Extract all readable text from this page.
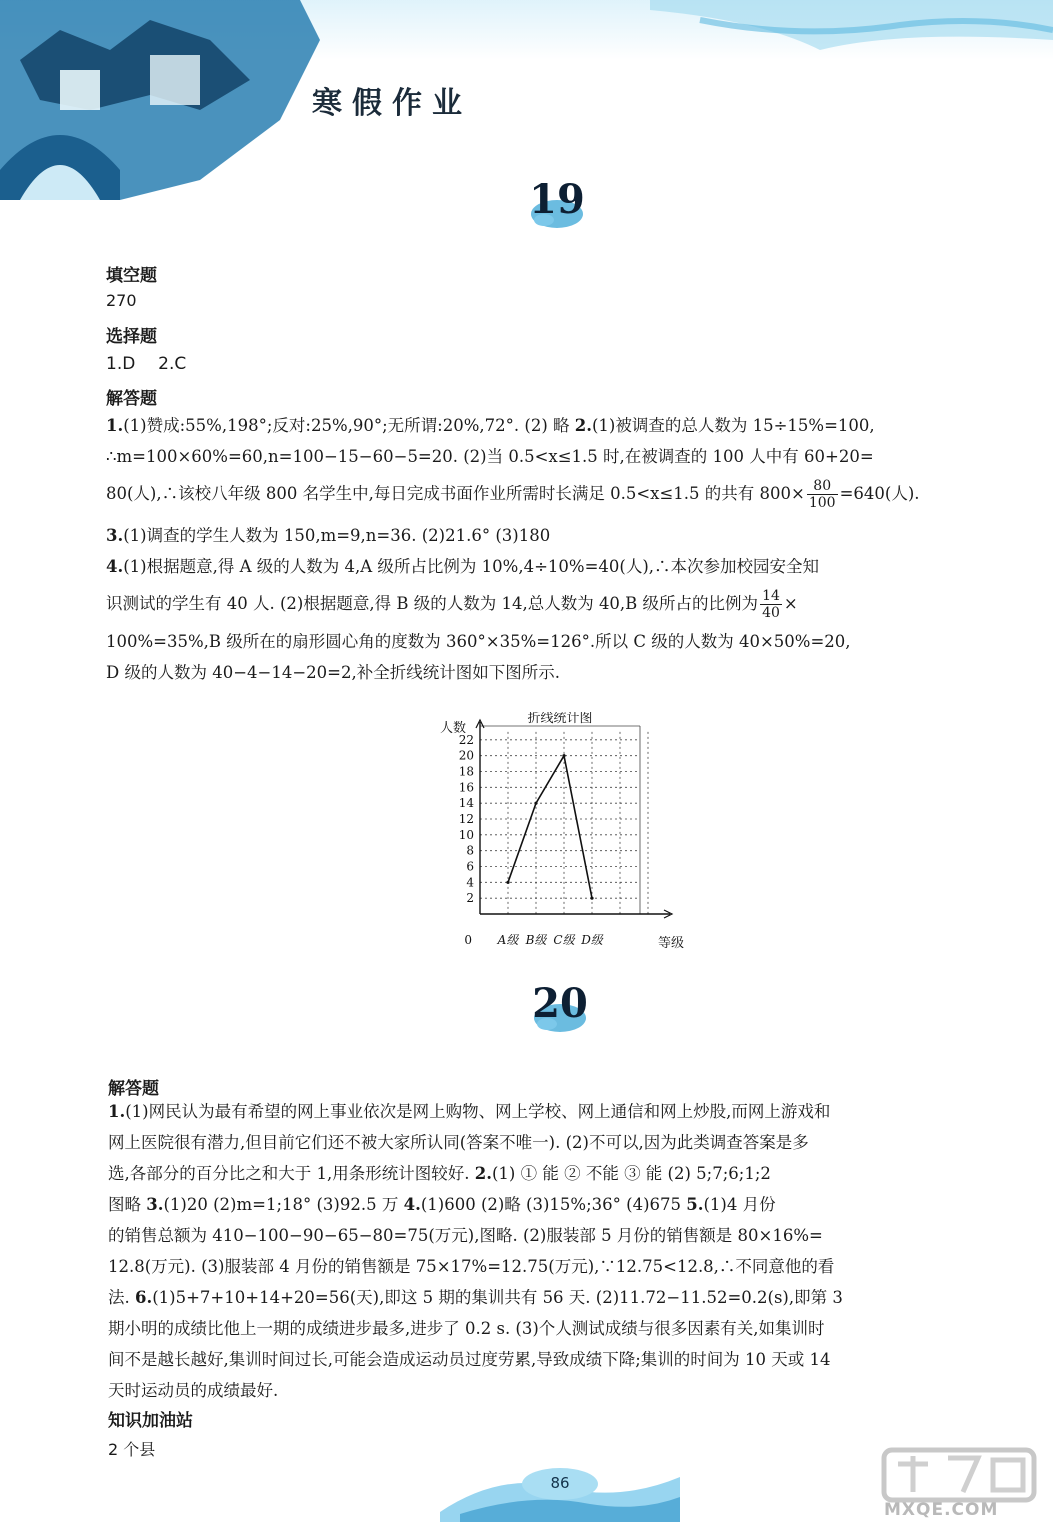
寒假作业
19
填空题
270
选择题
1.D 2.C
解答题

1.(1)赞成:55%,198°;反对:25%,90°;无所谓:20%,72°. (2) 略 2.(1)被调查的总人数为 15÷15%=100,

∴m=100×60%=60,n=100−15−60−5=20. (2)当 0.5<x≤1.5 时,在被调查的 100 人中有 60+20=

80(人),∴该校八年级 800 名学生中,每日完成书面作业所需时长满足 0.5<x≤1.5 的共有 $800\times \frac{80}{100} =640$(人).

3.(1)调查的学生人数为 150,m=9,n=36. (2)21.6° (3)180

4.(1)根据题意,得 A 级的人数为 4,A 级所占比例为 10%,4÷10%=40(人),∴本次参加校园安全知

识测试的学生有 40 人. (2)根据题意,得 B 级的人数为 14,总人数为 40,B 级所占的比例为 $\frac{14}{40}$ ×

100%=35%,B 级所在的扇形圆心角的度数为 360°×35%=126°.所以 C 级的人数为 40×50%=20,

D 级的人数为 40−4−14−20=2,补全折线统计图如下图所示.

2
4
6
8
10
12
14
16
18
20
22
0
人数
折线统计图
等级
A级 B级 C级 D级
20
解答题

1.(1)网民认为最有希望的网上事业依次是网上购物、网上学校、网上通信和网上炒股,而网上游戏和

网上医院很有潜力,但目前它们还不被大家所认同(答案不唯一). (2)不可以,因为此类调查答案是多

选,各部分的百分比之和大于 1,用条形统计图较好. 2.(1) ① 能 ② 不能 ③ 能 (2) 5;7;6;1;2

图略 3.(1)20 (2)m=1;18° (3)92.5 万 4.(1)600 (2)略 (3)15%;36° (4)675 5.(1)4 月份

的销售总额为 410−100−90−65−80=75(万元),图略. (2)服装部 5 月份的销售额是 80×16%=

12.8(万元). (3)服装部 4 月份的销售额是 75×17%=12.75(万元),∵12.75<12.8,∴不同意他的看

法. 6.(1)5+7+10+14+20=56(天),即这 5 期的集训共有 56 天. (2)11.72−11.52=0.2(s),即第 3

期小明的成绩比他上一期的成绩进步最多,进步了 0.2 s. (3)个人测试成绩与很多因素有关,如集训时

间不是越长越好,集训时间过长,可能会造成运动员过度劳累,导致成绩下降;集训的时间为 10 天或 14

天时运动员的成绩最好.

知识加油站
2 个县
86
MXQE.COM
